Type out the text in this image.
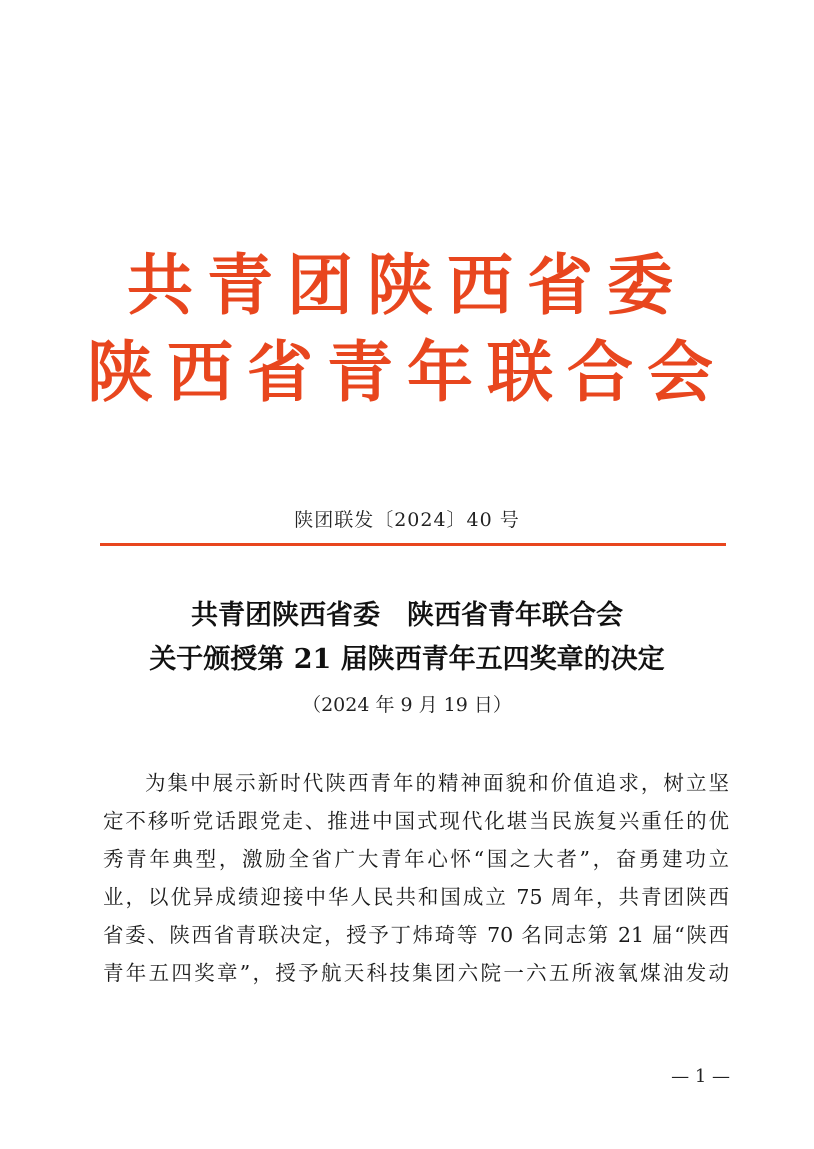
共青团陕西省委
陕西省青年联合会
陕团联发〔2024〕40 号
共青团陕西省委　陕西省青年联合会
关于颁授第 21 届陕西青年五四奖章的决定
（2024 年 9 月 19 日）
为集中展示新时代陕西青年的精神面貌和价值追求，树立坚
定不移听党话跟党走、推进中国式现代化堪当民族复兴重任的优
秀青年典型，激励全省广大青年心怀“国之大者”，奋勇建功立
业，以优异成绩迎接中华人民共和国成立 75 周年，共青团陕西
省委、陕西省青联决定，授予丁炜琦等 70 名同志第 21 届“陕西
青年五四奖章”，授予航天科技集团六院一六五所液氧煤油发动
— 1 —
